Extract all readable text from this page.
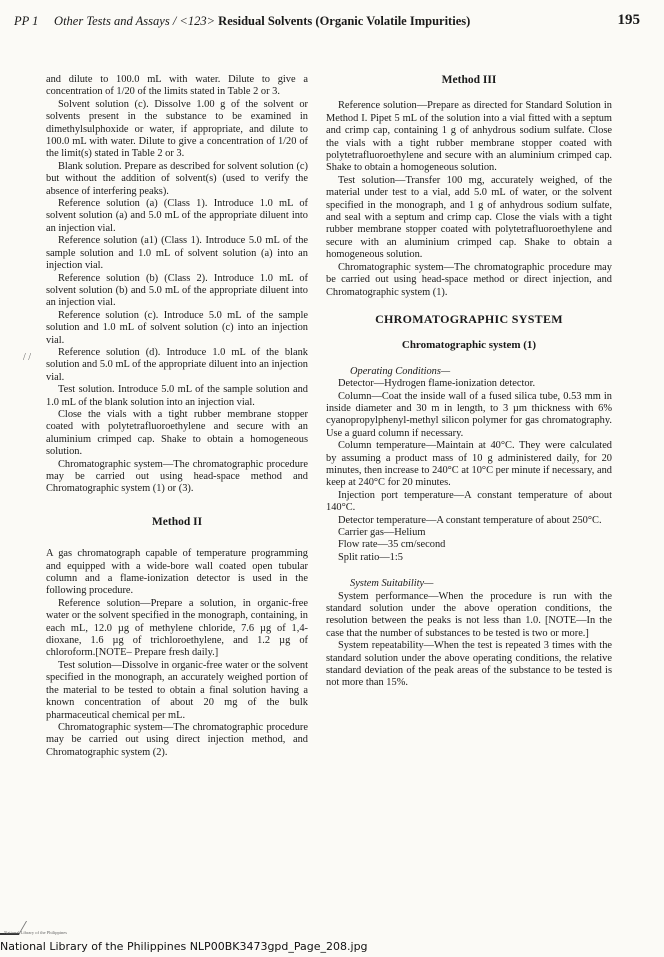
PP 1 Other Tests and Assays / <123> Residual Solvents (Organic Volatile Impurities)	195
/ /

and dilute to 100.0 mL with water. Dilute to give a concentration of 1/20 of the limits stated in Table 2 or 3.

Solvent solution (c). Dissolve 1.00 g of the solvent or solvents present in the substance to be examined in dimethylsulphoxide or water, if appropriate, and dilute to 100.0 mL with water. Dilute to give a concentration of 1/20 of the limit(s) stated in Table 2 or 3.

Blank solution. Prepare as described for solvent solution (c) but without the addition of solvent(s) (used to verify the absence of interfering peaks).

Reference solution (a) (Class 1). Introduce 1.0 mL of solvent solution (a) and 5.0 mL of the appropriate diluent into an injection vial.

Reference solution (a1) (Class 1). Introduce 5.0 mL of the sample solution and 1.0 mL of solvent solution (a) into an injection vial.

Reference solution (b) (Class 2). Introduce 1.0 mL of solvent solution (b) and 5.0 mL of the appropriate diluent into an injection vial.

Reference solution (c). Introduce 5.0 mL of the sample solution and 1.0 mL of solvent solution (c) into an injection vial.

Reference solution (d). Introduce 1.0 mL of the blank solution and 5.0 mL of the appropriate diluent into an injection vial.

Test solution. Introduce 5.0 mL of the sample solution and 1.0 mL of the blank solution into an injection vial.

Close the vials with a tight rubber membrane stopper coated with polytetrafluoroethylene and secure with an aluminium crimped cap. Shake to obtain a homogeneous solution.

Chromatographic system—The chromatographic procedure may be carried out using head-space method and Chromatographic system (1) or (3).

Method II

A gas chromatograph capable of temperature programming and equipped with a wide-bore wall coated open tubular column and a flame-ionization detector is used in the following procedure.

Reference solution—Prepare a solution, in organic-free water or the solvent specified in the monograph, containing, in each mL, 12.0 µg of methylene chloride, 7.6 µg of 1,4-dioxane, 1.6 µg of trichloroethylene, and 1.2 µg of chloroform.[NOTE– Prepare fresh daily.]

Test solution—Dissolve in organic-free water or the solvent specified in the monograph, an accurately weighed portion of the material to be tested to obtain a final solution having a known concentration of about 20 mg of the bulk pharmaceutical chemical per mL.

Chromatographic system—The chromatographic procedure may be carried out using direct injection method, and Chromatographic system (2).

Method III

Reference solution—Prepare as directed for Standard Solution in Method I. Pipet 5 mL of the solution into a vial fitted with a septum and crimp cap, containing 1 g of anhydrous sodium sulfate. Close the vials with a tight rubber membrane stopper coated with polytetrafluoroethylene and secure with an aluminium crimped cap. Shake to obtain a homogeneous solution.

Test solution—Transfer 100 mg, accurately weighed, of the material under test to a vial, add 5.0 mL of water, or the solvent specified in the monograph, and 1 g of anhydrous sodium sulfate, and seal with a septum and crimp cap. Close the vials with a tight rubber membrane stopper coated with polytetrafluoroethylene and secure with an aluminium crimped cap. Shake to obtain a homogeneous solution.

Chromatographic system—The chromatographic procedure may be carried out using head-space method or direct injection, and Chromatographic system (1).

CHROMATOGRAPHIC SYSTEM
Chromatographic system (1)

Operating Conditions—

Detector—Hydrogen flame-ionization detector.

Column—Coat the inside wall of a fused silica tube, 0.53 mm in inside diameter and 30 m in length, to 3 µm thickness with 6% cyanopropylphenyl-methyl silicon polymer for gas chromatography. Use a guard column if necessary.

Column temperature—Maintain at 40°C. They were calculated by assuming a product mass of 10 g administered daily, for 20 minutes, then increase to 240°C at 10°C per minute if necessary, and keep at 240°C for 20 minutes.

Injection port temperature—A constant temperature of about 140°C.

Detector temperature—A constant temperature of about 250°C.

Carrier gas—Helium

Flow rate—35 cm/second

Split ratio—1:5

System Suitability—

System performance—When the procedure is run with the standard solution under the above operation conditions, the resolution between the peaks is not less than 1.0. [NOTE—In the case that the number of substances to be tested is two or more.]

System repeatability—When the test is repeated 3 times with the standard solution under the above operating conditions, the relative standard deviation of the peak areas of the substance to be tested is not more than 15%.

National Library of the Philippines
National Library of the Philippines NLP00BK3473gpd_Page_208.jpg
